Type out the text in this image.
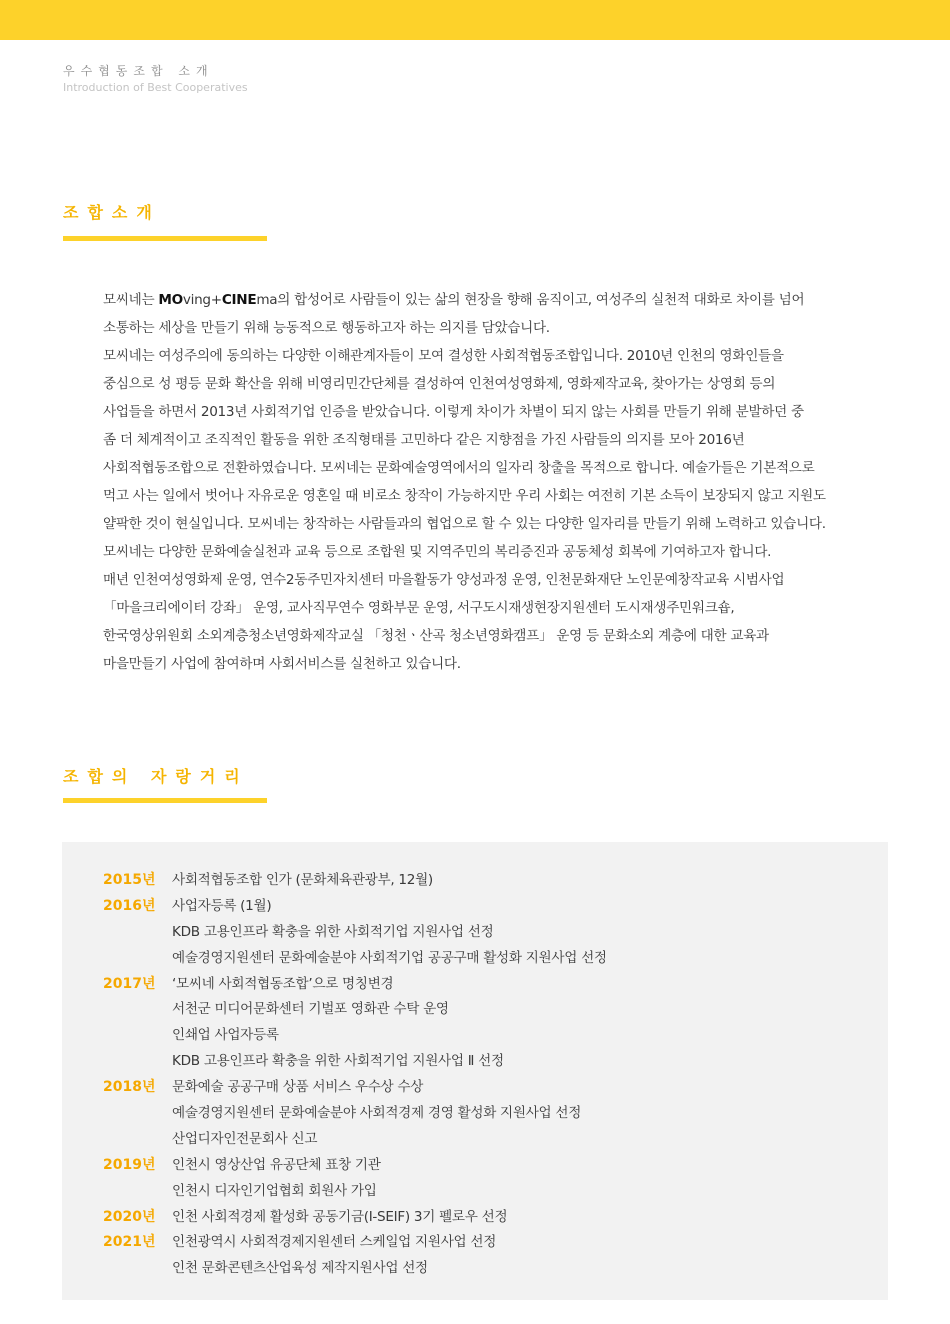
우수협동조합 소개
Introduction of Best Cooperatives
조합소개

모씨네는 MOving+CINEma의 합성어로 사람들이 있는 삶의 현장을 향해 움직이고, 여성주의 실천적 대화로 차이를 넘어

소통하는 세상을 만들기 위해 능동적으로 행동하고자 하는 의지를 담았습니다.

모씨네는 여성주의에 동의하는 다양한 이해관계자들이 모여 결성한 사회적협동조합입니다. 2010년 인천의 영화인들을

중심으로 성 평등 문화 확산을 위해 비영리민간단체를 결성하여 인천여성영화제, 영화제작교육, 찾아가는 상영회 등의

사업들을 하면서 2013년 사회적기업 인증을 받았습니다. 이렇게 차이가 차별이 되지 않는 사회를 만들기 위해 분발하던 중

좀 더 체계적이고 조직적인 활동을 위한 조직형태를 고민하다 같은 지향점을 가진 사람들의 의지를 모아 2016년

사회적협동조합으로 전환하였습니다. 모씨네는 문화예술영역에서의 일자리 창출을 목적으로 합니다. 예술가들은 기본적으로

먹고 사는 일에서 벗어나 자유로운 영혼일 때 비로소 창작이 가능하지만 우리 사회는 여전히 기본 소득이 보장되지 않고 지원도

얄팍한 것이 현실입니다. 모씨네는 창작하는 사람들과의 협업으로 할 수 있는 다양한 일자리를 만들기 위해 노력하고 있습니다.

모씨네는 다양한 문화예술실천과 교육 등으로 조합원 및 지역주민의 복리증진과 공동체성 회복에 기여하고자 합니다.

매년 인천여성영화제 운영, 연수2동주민자치센터 마을활동가 양성과정 운영, 인천문화재단 노인문예창작교육 시범사업

「마을크리에이터 강좌」 운영, 교사직무연수 영화부문 운영, 서구도시재생현장지원센터 도시재생주민워크숍,

한국영상위원회 소외계층청소년영화제작교실 「청천ㆍ산곡 청소년영화캠프」 운영 등 문화소외 계층에 대한 교육과

마을만들기 사업에 참여하며 사회서비스를 실천하고 있습니다.

조합의 자랑거리
2015년	사회적협동조합 인가 (문화체육관광부, 12월)
2016년	사업자등록 (1월)
KDB 고용인프라 확충을 위한 사회적기업 지원사업 선정
예술경영지원센터 문화예술분야 사회적기업 공공구매 활성화 지원사업 선정
2017년	‘모씨네 사회적협동조합’으로 명칭변경
서천군 미디어문화센터 기벌포 영화관 수탁 운영
인쇄업 사업자등록
KDB 고용인프라 확충을 위한 사회적기업 지원사업 Ⅱ 선정
2018년	문화예술 공공구매 상품 서비스 우수상 수상
예술경영지원센터 문화예술분야 사회적경제 경영 활성화 지원사업 선정
산업디자인전문회사 신고
2019년	인천시 영상산업 유공단체 표창 기관
인천시 디자인기업협회 회원사 가입
2020년	인천 사회적경제 활성화 공동기금(I-SEIF) 3기 펠로우 선정
2021년	인천광역시 사회적경제지원센터 스케일업 지원사업 선정
인천 문화콘텐츠산업육성 제작지원사업 선정
